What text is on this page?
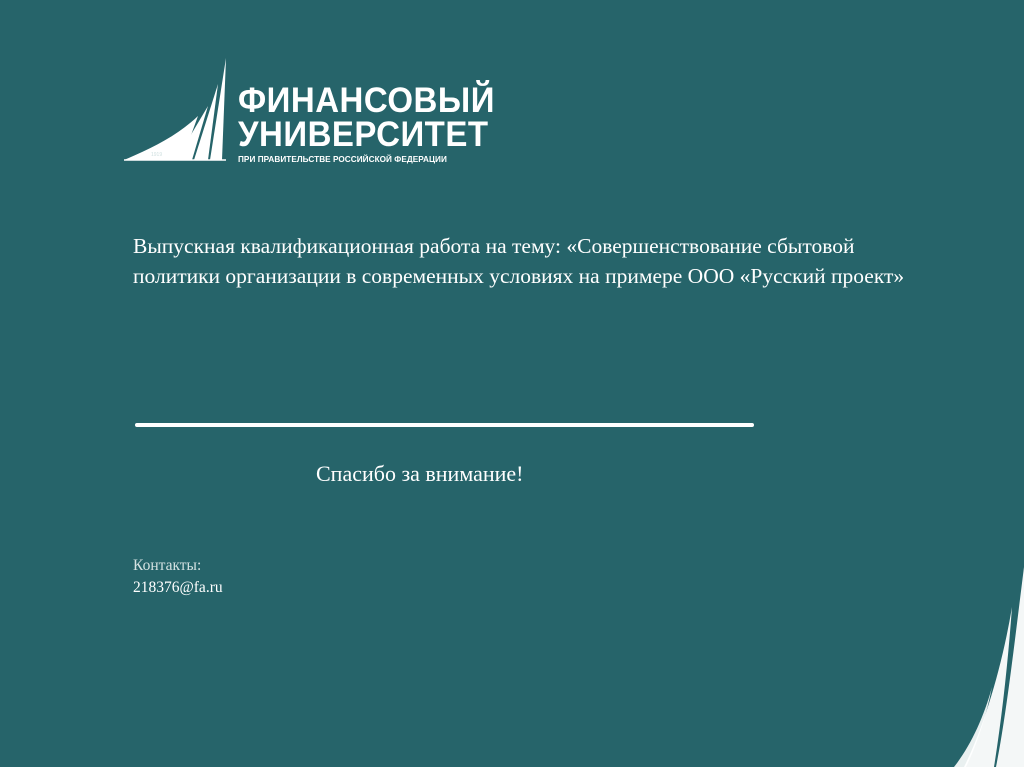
1919
ФИНАНСОВЫЙ
УНИВЕРСИТЕТ
ПРИ ПРАВИТЕЛЬСТВЕ РОССИЙСКОЙ ФЕДЕРАЦИИ
Выпускная квалификационная работа на тему: «Совершенствование сбытовой политики организации в современных условиях на примере ООО «Русский проект»
Спасибо за внимание!
Контакты:
218376@fa.ru
